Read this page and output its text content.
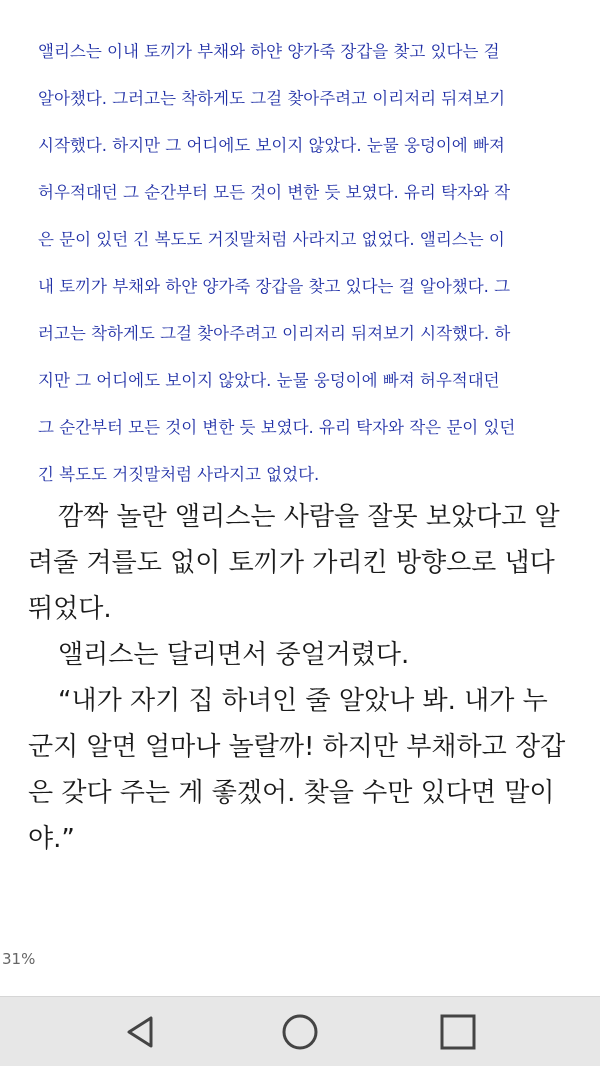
앨리스는 이내 토끼가 부채와 하얀 양가죽 장갑을 찾고 있다는 걸
알아챘다. 그러고는 착하게도 그걸 찾아주려고 이리저리 뒤져보기
시작했다. 하지만 그 어디에도 보이지 않았다. 눈물 웅덩이에 빠져
허우적대던 그 순간부터 모든 것이 변한 듯 보였다. 유리 탁자와 작
은 문이 있던 긴 복도도 거짓말처럼 사라지고 없었다. 앨리스는 이
내 토끼가 부채와 하얀 양가죽 장갑을 찾고 있다는 걸 알아챘다. 그
러고는 착하게도 그걸 찾아주려고 이리저리 뒤져보기 시작했다. 하
지만 그 어디에도 보이지 않았다. 눈물 웅덩이에 빠져 허우적대던
그 순간부터 모든 것이 변한 듯 보였다. 유리 탁자와 작은 문이 있던
긴 복도도 거짓말처럼 사라지고 없었다.
깜짝 놀란 앨리스는 사람을 잘못 보았다고 알
려줄 겨를도 없이 토끼가 가리킨 방향으로 냅다
뛰었다.
앨리스는 달리면서 중얼거렸다.
“내가 자기 집 하녀인 줄 알았나 봐. 내가 누
군지 알면 얼마나 놀랄까! 하지만 부채하고 장갑
은 갖다 주는 게 좋겠어. 찾을 수만 있다면 말이
야.”
31%
